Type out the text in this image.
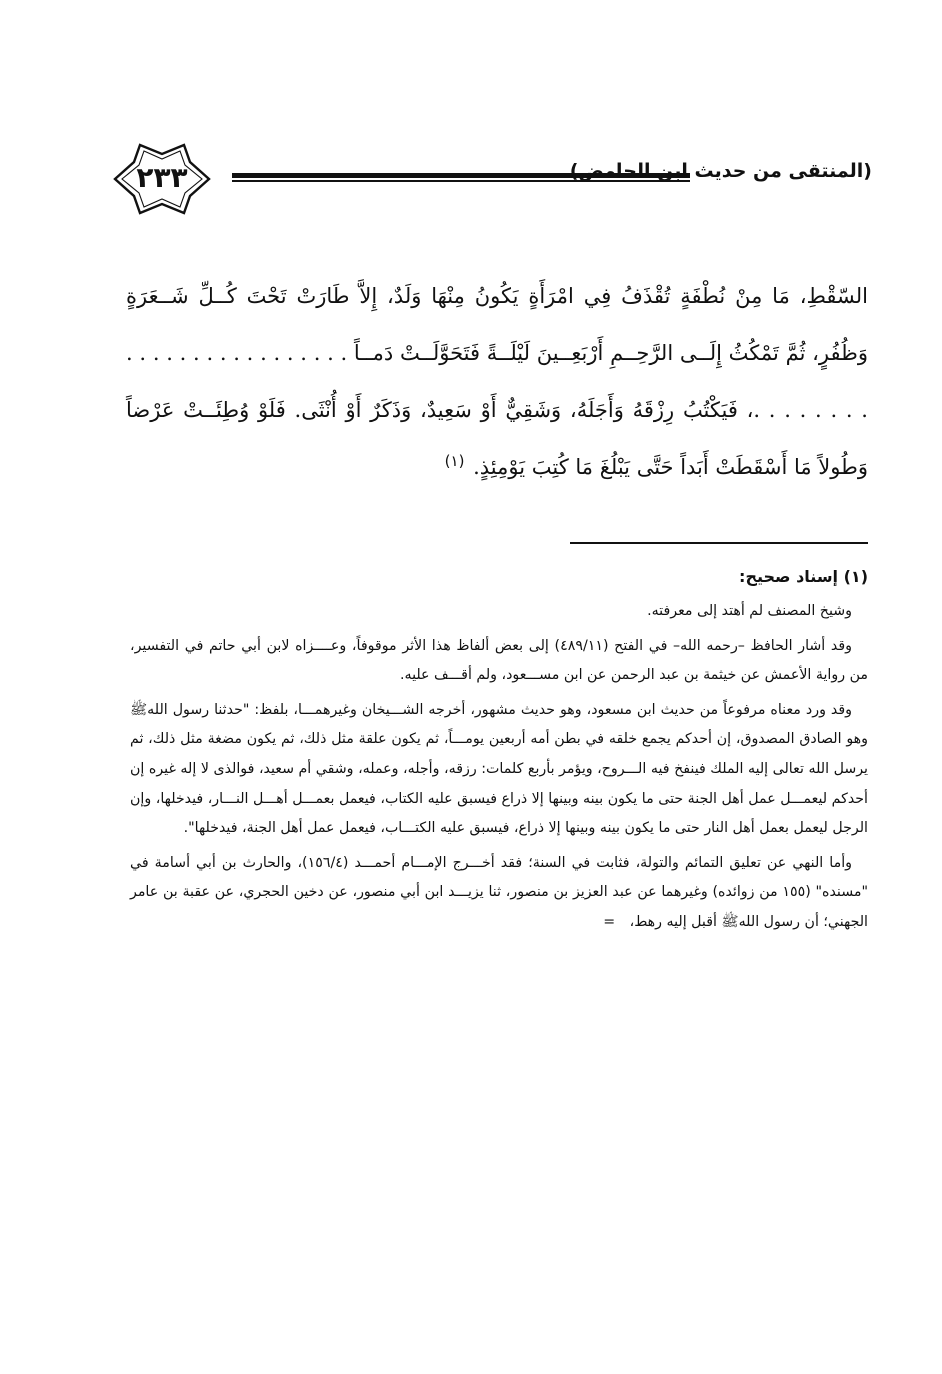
٢٣٣	(المنتقى من حديث ابن الحامض)

السّقْطِ، مَا مِنْ نُطْفَةٍ تُقْذَفُ فِي امْرَأَةٍ يَكُونُ مِنْهَا وَلَدٌ، إِلاَّ طَارَتْ تَحْتَ كُــلِّ شَــعَرَةٍ وَظُفُرٍ، ثُمَّ تَمْكُثُ إِلَــى الرَّحِــمِ أَرْبَعِــينَ لَيْلَــةً فَتَحَوَّلَــتْ دَمــاً . . . . . . . . . . . . . . . . . . . . . . . . .، فَيَكْتُبُ رِزْقَهُ وَأَجَلَهُ، وَشَقِيٌّ أَوْ سَعِيدٌ، وَذَكَرٌ أَوْ أُنْثَى. فَلَوْ وُطِئَــتْ عَرْضاً وَطُولاً مَا أَسْقَطَتْ أَبَداً حَتَّى يَبْلُغَ مَا كُتِبَ يَوْمِئِذٍ. $^{(١)}$

(١) إسناد صحيح:

وشيخ المصنف لم أهتد إلى معرفته.

وقد أشار الحافظ –رحمه الله– في الفتح (٤٨٩/١١) إلى بعض ألفاظ هذا الأثر موقوفاً، وعــــزاه لابن أبي حاتم في التفسير، من رواية الأعمش عن خيثمة بن عبد الرحمن عن ابن مســـعود، ولم أقـــف عليه.

وقد ورد معناه مرفوعاً من حديث ابن مسعود، وهو حديث مشهور، أخرجه الشـــيخان وغيرهمـــا، بلفظ: "حدثنا رسول اللهﷺ وهو الصادق المصدوق، إن أحدكم يجمع خلقه في بطن أمه أربعين يومـــاً، ثم يكون علقة مثل ذلك، ثم يكون مضغة مثل ذلك، ثم يرسل الله تعالى إليه الملك فينفخ فيه الـــروح، ويؤمر بأربع كلمات: رزقه، وأجله، وعمله، وشقي أم سعيد، فوالذى لا إله غيره إن أحدكم ليعمـــل عمل أهل الجنة حتى ما يكون بينه وبينها إلا ذراع فيسبق عليه الكتاب، فيعمل بعمـــل أهـــل النـــار، فيدخلها، وإن الرجل ليعمل بعمل أهل النار حتى ما يكون بينه وبينها إلا ذراع، فيسبق عليه الكتـــاب، فيعمل عمل أهل الجنة، فيدخلها".

وأما النهي عن تعليق التمائم والتولة، فثابت في السنة؛ فقد أخـــرج الإمـــام أحمـــد (١٥٦/٤)، والحارث بن أبي أسامة في "مسنده" (١٥٥ من زوائده) وغيرهما عن عبد العزيز بن منصور، ثنا يزيـــد ابن أبي منصور، عن دخين الحجري، عن عقبة بن عامر الجهني؛ أن رسول اللهﷺ أقبل إليه رهط، =
